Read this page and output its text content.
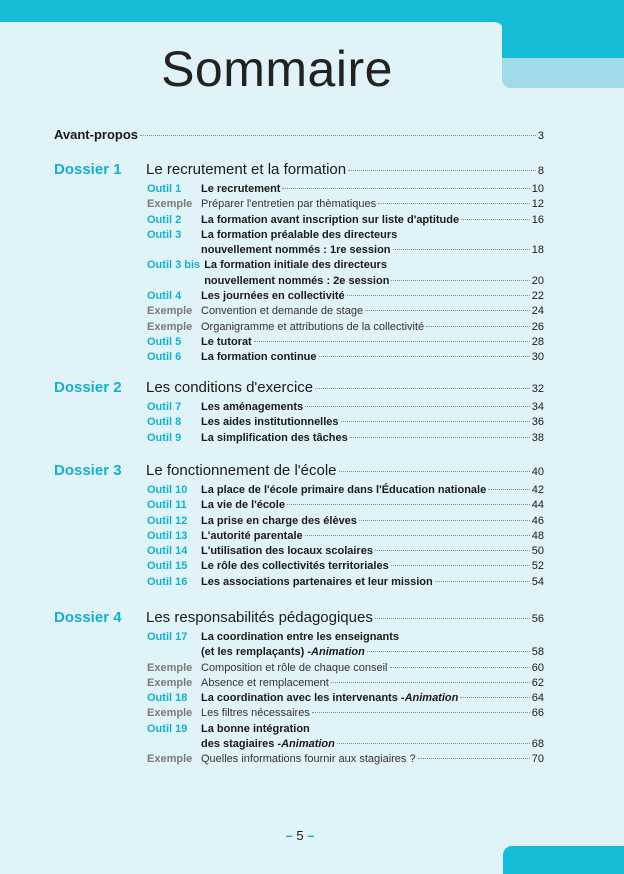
Sommaire
Avant-propos	3
Dossier 1	Le recrutement et la formation	8
Outil 1	Le recrutement	10
Exemple Préparer l'entretien par thèmatiques	12
Outil 2	La formation avant inscription sur liste d'aptitude	16
Outil 3	La formation préalable des directeurs
nouvellement nommés : 1re session	18
Outil 3 bis La formation initiale des directeurs
nouvellement nommés : 2e session	20
Outil 4	Les journées en collectivité	22
Exemple Convention et demande de stage	24
Exemple Organigramme et attributions de la collectivité	26
Outil 5	Le tutorat	28
Outil 6	La formation continue	30
Dossier 2	Les conditions d'exercice	32
Outil 7	Les aménagements	34
Outil 8	Les aides institutionnelles	36
Outil 9	La simplification des tâches	38
Dossier 3	Le fonctionnement de l'école	40
Outil 10	La place de l'école primaire dans l'Éducation nationale	42
Outil 11	La vie de l'école	44
Outil 12	La prise en charge des élèves	46
Outil 13	L'autorité parentale	48
Outil 14	L'utilisation des locaux scolaires	50
Outil 15	Le rôle des collectivités territoriales	52
Outil 16	Les associations partenaires et leur mission	54
Dossier 4	Les responsabilités pédagogiques	56
Outil 17	La coordination entre les enseignants
(et les remplaçants) - Animation	58
Exemple Composition et rôle de chaque conseil	60
Exemple Absence et remplacement	62
Outil 18	La coordination avec les intervenants - Animation	64
Exemple Les filtres nécessaires	66
Outil 19	La bonne intégration
des stagiaires - Animation	68
Exemple Quelles informations fournir aux stagiaires ?	70
– 5 –
